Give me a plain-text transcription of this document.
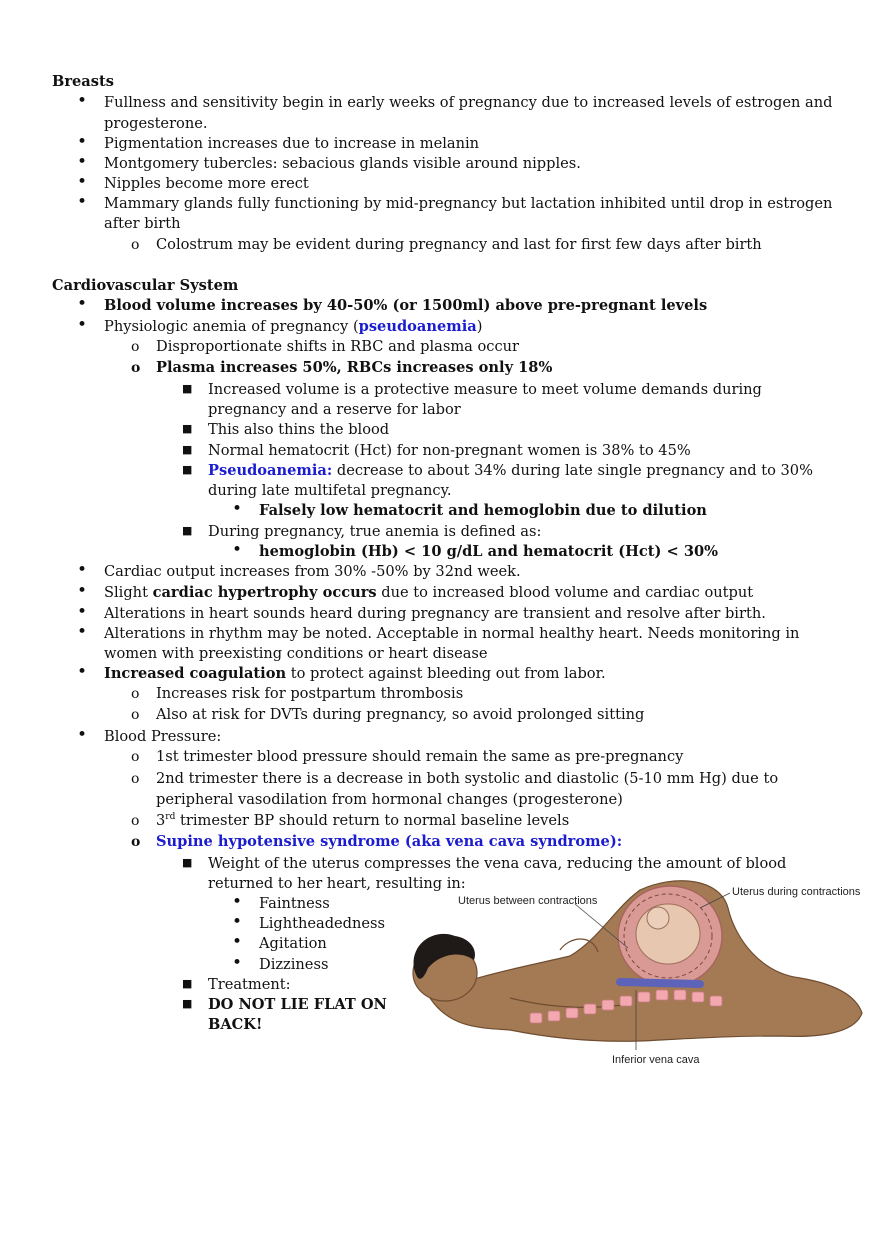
Breasts
• Fullness and sensitivity begin in early weeks of pregnancy due to increased levels of estrogen and
progesterone.
• Pigmentation increases due to increase in melanin
• Montgomery tubercles: sebacious glands visible around nipples.
• Nipples become more erect
• Mammary glands fully functioning by mid-pregnancy but lactation inhibited until drop in estrogen
after birth
o Colostrum may be evident during pregnancy and last for first few days after birth
Cardiovascular System
• Blood volume increases by 40-50% (or 1500ml) above pre-pregnant levels
• Physiologic anemia of pregnancy (pseudoanemia)
o Disproportionate shifts in RBC and plasma occur
o Plasma increases 50%, RBCs increases only 18%
■ Increased volume is a protective measure to meet volume demands during
pregnancy and a reserve for labor
■ This also thins the blood
■ Normal hematocrit (Hct) for non-pregnant women is 38% to 45%
■ Pseudoanemia: decrease to about 34% during late single pregnancy and to 30%
during late multifetal pregnancy.
• Falsely low hematocrit and hemoglobin due to dilution
■ During pregnancy, true anemia is defined as:
• hemoglobin (Hb) < 10 g/dL and hematocrit (Hct) < 30%
• Cardiac output increases from 30% -50% by 32nd week.
• Slight cardiac hypertrophy occurs due to increased blood volume and cardiac output
• Alterations in heart sounds heard during pregnancy are transient and resolve after birth.
• Alterations in rhythm may be noted. Acceptable in normal healthy heart. Needs monitoring in
women with preexisting conditions or heart disease
• Increased coagulation to protect against bleeding out from labor.
o Increases risk for postpartum thrombosis
o Also at risk for DVTs during pregnancy, so avoid prolonged sitting
• Blood Pressure:
o 1st trimester blood pressure should remain the same as pre-pregnancy
o 2nd trimester there is a decrease in both systolic and diastolic (5-10 mm Hg) due to
peripheral vasodilation from hormonal changes (progesterone)
o 3rd trimester BP should return to normal baseline levels
o Supine hypotensive syndrome (aka vena cava syndrome):
■ Weight of the uterus compresses the vena cava, reducing the amount of blood
returned to her heart, resulting in:
• Faintness
• Lightheadedness
• Agitation
• Dizziness
■ Treatment:
■ DO NOT LIE FLAT ON
BACK!
Uterus between contractions
Uterus during contractions
Inferior vena cava
